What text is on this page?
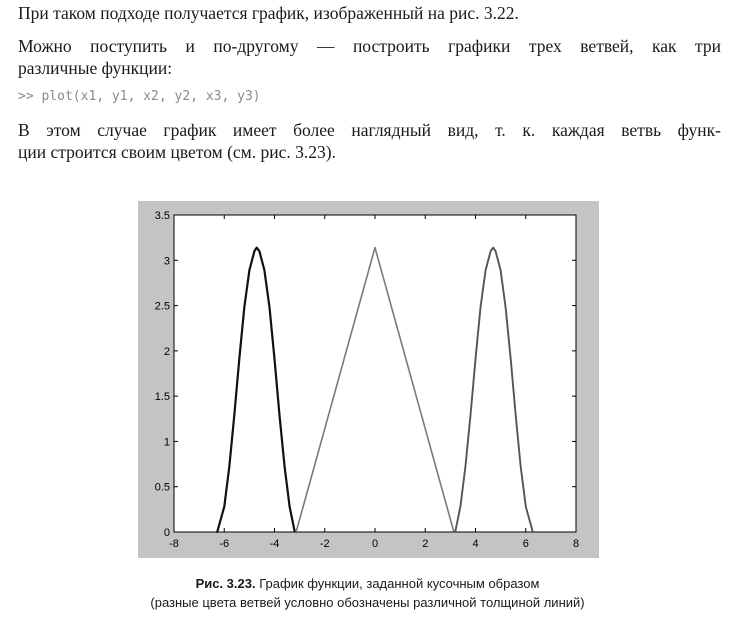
При таком подходе получается график, изображенный на рис. 3.22.
Можно поступить и по-другому — построить графики трех ветвей, как три
различные функции:
>> plot(x1, y1, x2, y2, x3, y3)
В этом случае график имеет более наглядный вид, т. к. каждая ветвь функ-
ции строится своим цветом (см. рис. 3.23).
-8	-6	-4	-2	0	2	4	6	8
0
0.5
1
1.5
2
2.5
3
3.5
Рис. 3.23. График функции, заданной кусочным образом
(разные цвета ветвей условно обозначены различной толщиной линий)
